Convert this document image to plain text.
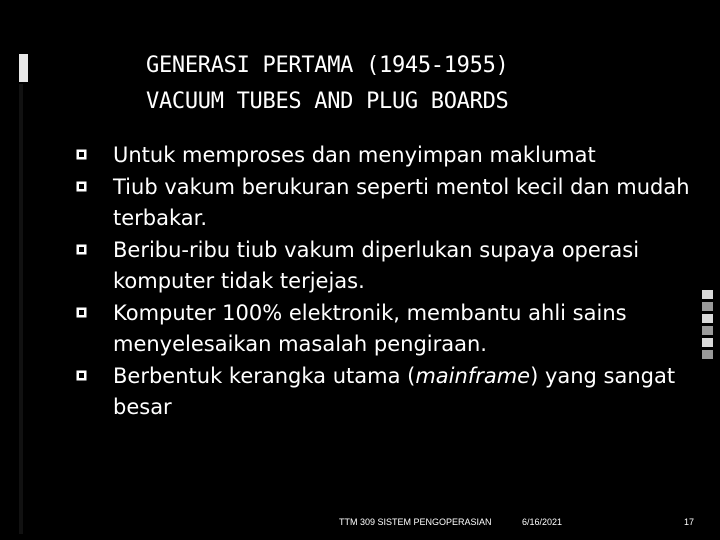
GENERASI PERTAMA (1945-1955)
VACUUM TUBES AND PLUG BOARDS
Untuk memproses dan menyimpan maklumat
Tiub vakum berukuran seperti mentol kecil dan mudah terbakar.
Beribu-ribu tiub vakum diperlukan supaya operasi komputer tidak terjejas.
Komputer 100% elektronik, membantu ahli sains menyelesaikan masalah pengiraan.
Berbentuk kerangka utama (mainframe) yang sangat besar
TTM 309 SISTEM PENGOPERASIAN	6/16/2021	17
